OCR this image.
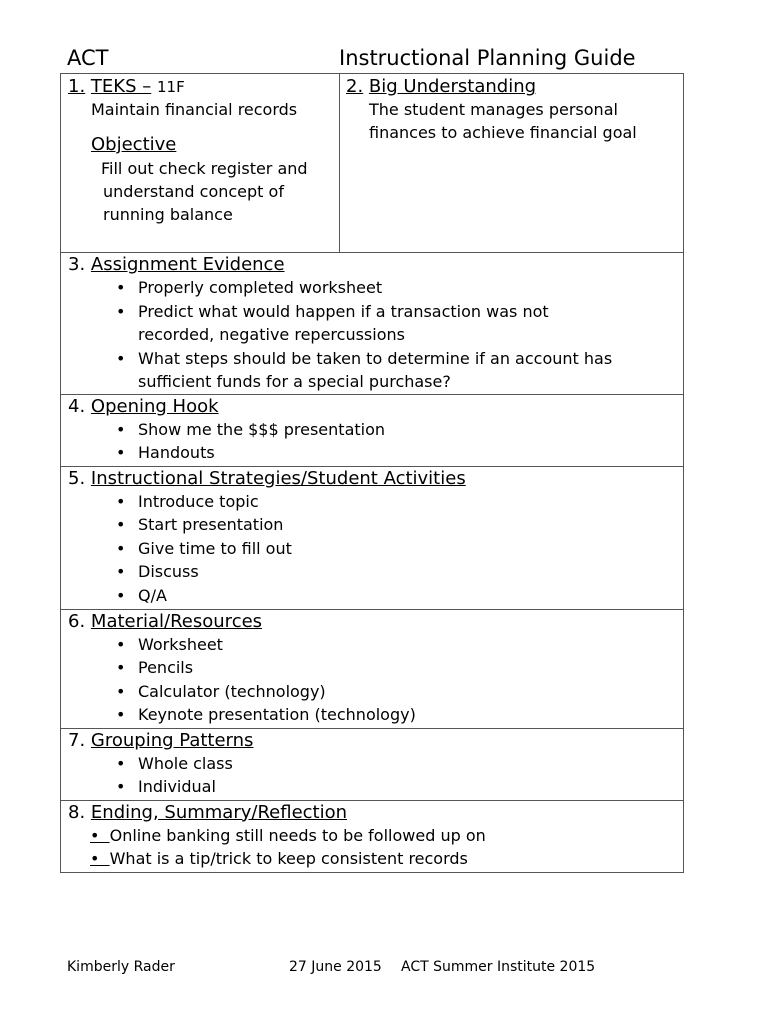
ACT	Instructional Planning Guide
1. TEKS – 11F
Maintain financial records
Objective
Fill out check register and
understand concept of
running balance

2. Big Understanding
The student manages personal
finances to achieve financial goal

3. Assignment Evidence
• Properly completed worksheet
• Predict what would happen if a transaction was not recorded, negative repercussions
• What steps should be taken to determine if an account has sufficient funds for a special purchase?

4. Opening Hook
• Show me the $$$ presentation
• Handouts

5. Instructional Strategies/Student Activities
• Introduce topic
• Start presentation
• Give time to fill out
• Discuss
• Q/A

6. Material/Resources
• Worksheet
• Pencils
• Calculator (technology)
• Keynote presentation (technology)

7. Grouping Patterns
• Whole class
• Individual

8. Ending, Summary/Reflection
• Online banking still needs to be followed up on
• What is a tip/trick to keep consistent records
Kimberly Rader	27 June 2015 ACT Summer Institute 2015
